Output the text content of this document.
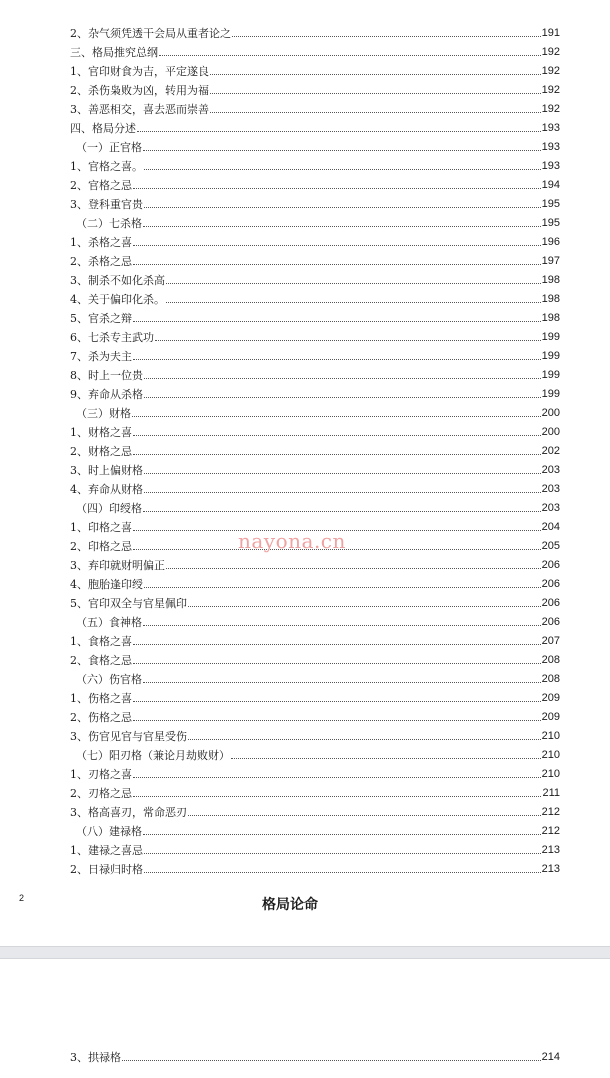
2、杂气须凭透干会局从重者论之	191
三、格局推究总纲	192
1、官印财食为吉，平定遂良	192
2、杀伤枭败为凶，转用为福	192
3、善恶相交，喜去恶而崇善	192
四、格局分述	193
（一）正官格	193
1、官格之喜。	193
2、官格之忌	194
3、登科重官贵	195
（二）七杀格	195
1、杀格之喜	196
2、杀格之忌	197
3、制杀不如化杀高	198
4、关于偏印化杀。	198
5、官杀之辩	198
6、七杀专主武功	199
7、杀为夫主	199
8、时上一位贵	199
9、弃命从杀格	199
（三）财格	200
1、财格之喜	200
2、财格之忌	202
3、时上偏财格	203
4、弃命从财格	203
（四）印绶格	203
1、印格之喜	204
2、印格之忌	205
3、弃印就财明偏正	206
4、胞胎逢印绶	206
5、官印双全与官星佩印	206
（五）食神格	206
1、食格之喜	207
2、食格之忌	208
（六）伤官格	208
1、伤格之喜	209
2、伤格之忌	209
3、伤官见官与官星受伤	210
（七）阳刃格（兼论月劫败财）	210
1、刃格之喜	210
2、刃格之忌	211
3、格高喜刃，常命恶刃	212
（八）建禄格	212
1、建禄之喜忌	213
2、日禄归时格	213
nayona.cn
2	格局论命
3、拱禄格	214
